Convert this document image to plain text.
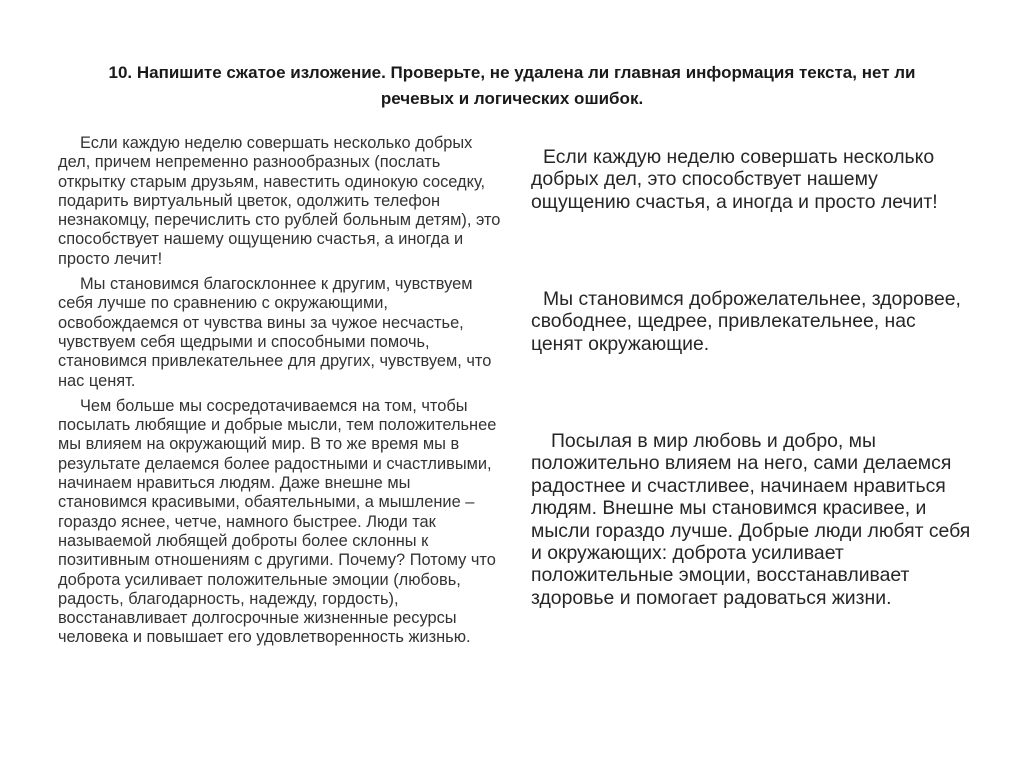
10. Напишите сжатое изложение. Проверьте, не удалена ли главная информация текста, нет ли речевых и логических ошибок.

Если каждую неделю совершать несколько добрых дел, причем непременно разнообразных (послать открытку старым друзьям, навестить одинокую соседку, подарить виртуальный цветок, одолжить телефон незнакомцу, перечислить сто рублей больным детям), это способствует нашему ощущению счастья, а иногда и просто лечит!

Мы становимся благосклоннее к другим, чувствуем себя лучше по сравнению с окружающими, освобождаемся от чувства вины за чужое несчастье, чувствуем себя щедрыми и способными помочь, становимся привлекательнее для других, чувствуем, что нас ценят.

Чем больше мы сосредотачиваемся на том, чтобы посылать любящие и добрые мысли, тем положительнее мы влияем на окружающий мир. В то же время мы в результате делаемся более радостными и счастливыми, начинаем нравиться людям. Даже внешне мы становимся красивыми, обаятельными, а мышление – гораздо яснее, четче, намного быстрее. Люди так называемой любящей доброты более склонны к позитивным отношениям с другими. Почему? Потому что доброта усиливает положительные эмоции (любовь, радость, благодарность, надежду, гордость), восстанавливает долгосрочные жизненные ресурсы человека и повышает его удовлетворенность жизнью.

Если каждую неделю совершать несколько добрых дел, это способствует нашему ощущению счастья, а иногда и просто лечит!

Мы становимся доброжелательнее, здоровее, свободнее, щедрее, привлекательнее, нас ценят окружающие.

Посылая в мир любовь и добро, мы положительно влияем на него, сами делаемся радостнее и счастливее, начинаем нравиться людям. Внешне мы становимся красивее, и мысли гораздо лучше. Добрые люди любят себя и окружающих: доброта усиливает положительные эмоции, восстанавливает здоровье и помогает радоваться жизни.
